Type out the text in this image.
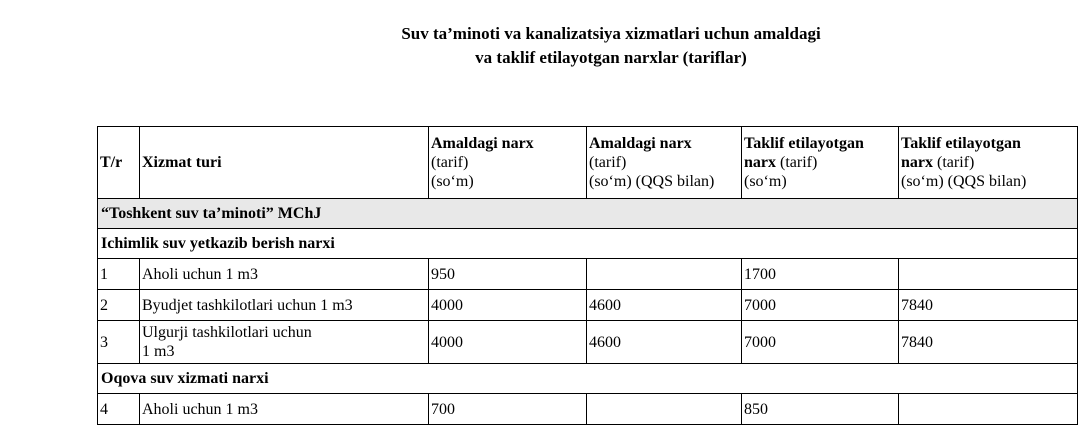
Suv ta’minoti va kanalizatsiya xizmatlari uchun amaldagi
va taklif etilayotgan narxlar (tariflar)
T/r	Xizmat turi	Amaldagi narx
(tarif)
(so‘m)	Amaldagi narx
(tarif)
(so‘m) (QQS bilan)	Taklif etilayotgan
narx (tarif)
(so‘m)	Taklif etilayotgan
narx (tarif)
(so‘m) (QQS bilan)

“Toshkent suv ta’minoti” MChJ					
Ichimlik suv yetkazib berish narxi					
1	Aholi uchun 1 m3	950		1700	
2	Byudjet tashkilotlari uchun 1 m3	4000	4600	7000	7840
3	Ulgurji tashkilotlari uchun
1 m3	4000	4600	7000	7840
Oqova suv xizmati narxi					
4	Aholi uchun 1 m3	700		850	
